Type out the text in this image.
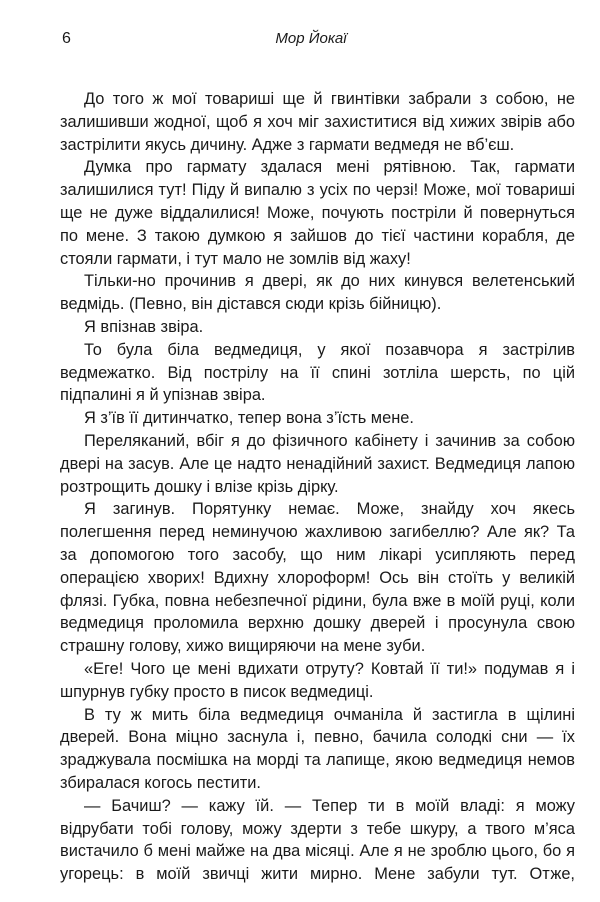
6	Мор Йокаї

До того ж мої товариші ще й гвинтівки забрали з собою, не залишивши жодної, щоб я хоч міг захиститися від хижих звірів або застрілити якусь дичину. Адже з гармати ведмедя не вб’єш.

Думка про гармату здалася мені рятівною. Так, гармати залишилися тут! Піду й випалю з усіх по черзі! Може, мої товариші ще не дуже віддалилися! Може, почують постріли й повернуться по мене. З такою думкою я зайшов до тієї частини корабля, де стояли гармати, і тут мало не зомлів від жаху!

Тільки-но прочинив я двері, як до них кинувся велетенський ведмідь. (Певно, він дістався сюди крізь бійницю).

Я впізнав звіра.

То була біла ведмедиця, у якої позавчора я застрілив ведмежатко. Від пострілу на її спині зотліла шерсть, по цій підпалині я й упізнав звіра.

Я з’їв її дитинчатко, тепер вона з’їсть мене.

Переляканий, вбіг я до фізичного кабінету і зачинив за собою двері на засув. Але це надто ненадійний захист. Ведмедиця лапою розтрощить дошку і влізе крізь дірку.

Я загинув. Порятунку немає. Може, знайду хоч якесь полегшення перед неминучою жахливою загибеллю? Але як? Та за допомогою того засобу, що ним лікарі усипляють перед операцією хворих! Вдихну хлороформ! Ось він стоїть у великій флязі. Губка, повна небезпечної рідини, була вже в моїй руці, коли ведмедиця проломила верхню дошку дверей і просунула свою страшну голову, хижо вищиряючи на мене зуби.

«Еге! Чого це мені вдихати отруту? Ковтай її ти!» подумав я і шпурнув губку просто в писок ведмедиці.

В ту ж мить біла ведмедиця очманіла й застигла в щілині дверей. Вона міцно заснула і, певно, бачила солодкі сни — їх зраджувала посмішка на морді та лапище, якою ведмедиця немов збиралася когось пестити.

— Бачиш? — кажу їй. — Тепер ти в моїй владі: я можу відрубати тобі голову, можу здерти з тебе шкуру, а твого м’яса вистачило б мені майже на два місяці. Але я не зроблю цього, бо я угорець: в моїй звичці жити мирно. Мене забули тут. Отже,
